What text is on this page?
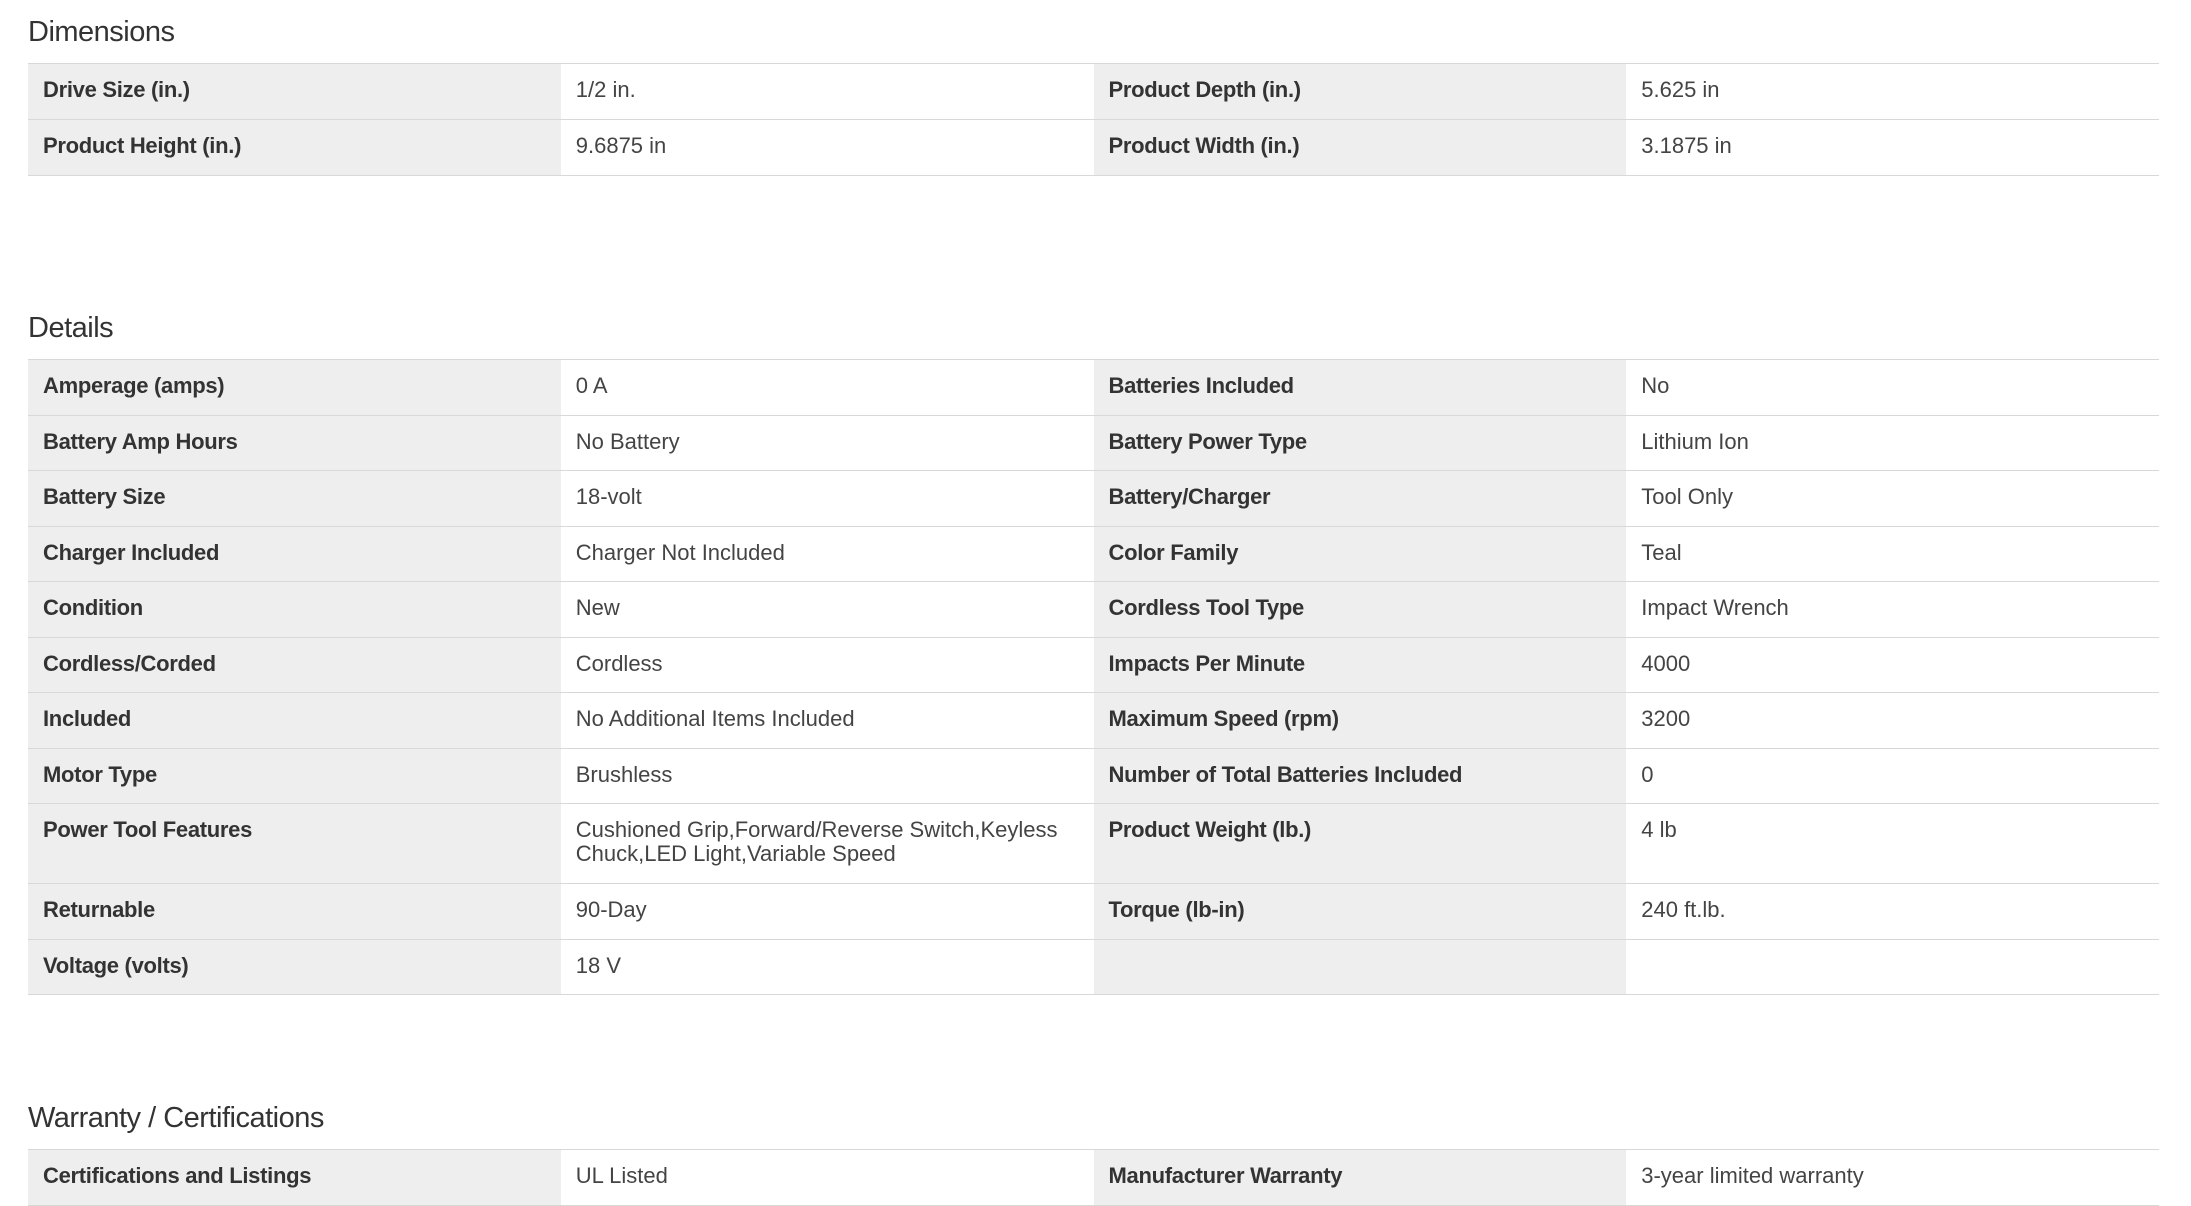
Dimensions
Drive Size (in.)	1/2 in.	Product Depth (in.)	5.625 in
Product Height (in.)	9.6875 in	Product Width (in.)	3.1875 in
Details
Amperage (amps)	0 A	Batteries Included	No
Battery Amp Hours	No Battery	Battery Power Type	Lithium Ion
Battery Size	18-volt	Battery/Charger	Tool Only
Charger Included	Charger Not Included	Color Family	Teal
Condition	New	Cordless Tool Type	Impact Wrench
Cordless/Corded	Cordless	Impacts Per Minute	4000
Included	No Additional Items Included	Maximum Speed (rpm)	3200
Motor Type	Brushless	Number of Total Batteries Included	0
Power Tool Features	Cushioned Grip,Forward/Reverse Switch,Keyless Chuck,LED Light,Variable Speed	Product Weight (lb.)	4 lb
Returnable	90-Day	Torque (lb-in)	240 ft.lb.
Voltage (volts)	18 V		
Warranty / Certifications
Certifications and Listings	UL Listed	Manufacturer Warranty	3-year limited warranty
